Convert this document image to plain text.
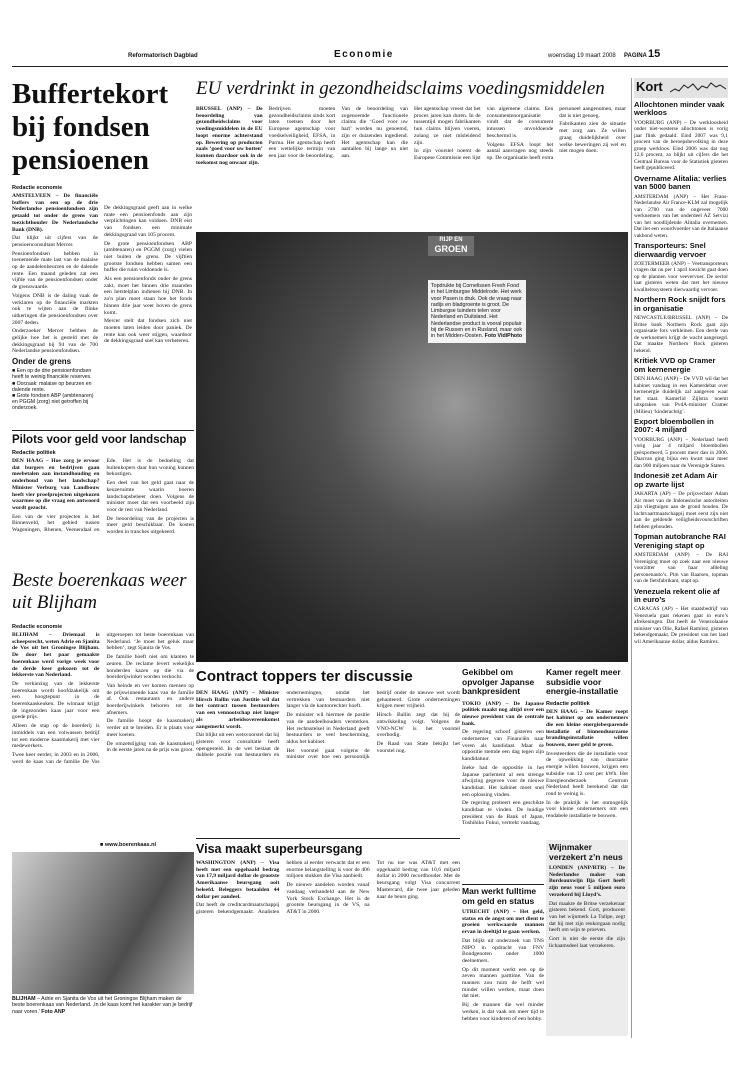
Reformatorisch Dagblad	Economie	woensdag 19 maart 2008 PAGINA 15
Buffertekort bij fondsen pensioenen
Redactie economie

AMSTELVEEN – De financiële buffers van een op de drie Nederlandse pensioenfondsen zijn getaald tot onder de grens van toezichthouder De Nederlandsche Bank (DNB).

Dat blijkt uit cijfers van de pensioenconsultant Mercer.

Pensioenfondsen hebben in toenemende mate last van de malaise op de aandelenbeurzen en de dalende rente. Een maand geleden zat een vijfde van de pensioenfondsen onder de grenswaarde.

Volgens DNB is de daling vaak de verklaren op de financiële markten ook te wijten aan de flinke uitkeringen die pensioenfondsen over 2007 deden.

Onderzoeker Mercer hebben de gelijke hoe het is gesteld met de dekkingsgraad bij 94 van de 700 Nederlandse pensioenfondsen.

Onder de grens
■ Een op de drie pensioenfondsen heeft te weinig financiële reserves.
■ Oorzaak: malaise op beurzen en dalende rente.
■ Grote fondsen ABP (ambtenaren) en PGGM (zorg) niet getroffen bij onderzoek.

De dekkingsgraad geeft aan in welke mate een pensioenfonds aan zijn verplichtingen kan voldoen. DNB eist van fondsen een minimale dekkingsgraad van 105 procent.

De grote pensioenfondsen ABP (ambtenaren) en PGGM (zorg) vielen niet buiten de grens. De vijftien grootste fondsen hebben samen een buffer die ruim voldoende is.

Als een pensioenfonds onder de grens zakt, moet het binnen drie maanden een herstelplan indienen bij DNB. In zo'n plan moet staan hoe het fonds binnen drie jaar weer boven de grens komt.

Mercer stelt dat fondsen zich niet moeten laten leiden door paniek. De rente kan ook weer stijgen, waardoor de dekkingsgraad snel kan verbeteren.

EU verdrinkt in gezondheidsclaims voedingsmiddelen

BRUSSEL (ANP) – De beoordeling van gezondheidsclaims voor voedingsmiddelen in de EU loopt enorme achterstand op. Bewering op producten zoals ‘goed voor uw botten’ kunnen daardoor ook in de toekomst nog onwaar zijn.

Bedrijven moeten gezondheidsclaims sinds kort laten toetsen door het Europese agentschap voor voedselveiligheid, EFSA, in Parma. Het agentschap heeft een wettelijke termijn van een jaar voor de beoordeling.

Van de beoordeling van zogenoemde functionele claims die ‘Goed voor uw hart’ worden nu genoemd, zijn er duizenden ingediend. Het agentschap kan die aantallen bij lange na niet aan.

Het agentschap vreest dat het proces jaren kan duren. In de tussentijd mogen fabrikanten hun claims blijven voeren, zolang ze niet misleidend zijn.

In zijn voorstel noemt de Europese Commissie een lijst van algemene claims. Een consumentenorganisatie vindt dat de consument intussen onvoldoende beschermd is.

Volgens EFSA loopt het aantal aanvragen nog steeds op. De organisatie heeft extra personeel aangenomen, maar dat is niet genoeg.

Fabrikanten zien de situatie met zorg aan. Ze willen graag duidelijkheid over welke beweringen zij wel en niet mogen doen.

RIJP EN
GROEN
Topdrukte bij Cornelissen Fresh Food in het Limburgse Middelrode. Het werk voor Pasen is druk. Ook de vraag naar radijs en bladgroente is groot. De Limburgse tuinders telen voor Nederland en Duitsland. Het Nederlandse product is vooral populair bij de Russen en in Rusland, maar ook in het Midden-Oosten. Foto VidiPhoto
Pilots voor geld voor landschap
Redactie politiek

DEN HAAG – Hoe zorg je ervoor dat burgers en bedrijven gaan meebetalen aan instandhouding en onderhoud van het landschap? Minister Verburg van Landbouw heeft vier proefprojecten uitgekozen waarmee op die vraag een antwoord wordt gezocht.

Een van de vier projecten is het Binnenveld, het gebied tussen Wageningen, Rhenen, Veenendaal en Ede. Het is de bedoeling dat buitenkopers daar hun woning kunnen bekostigen.

Een deel van het geld gaat naar de keuzeruimte waarin boeren landschapsbeheer doen. Volgens de minister moet dat een voorbeeld zijn voor de rest van Nederland.

De beoordeling van de projecten is meer geld beschikbaar. De kosten worden in tranches uitgekeerd.

Beste boerenkaas weer uit Blijham
Redactie economie

BLIJHAM – Driemaal is scheepsrecht, weten Adrie en Sjanita de Vos uit het Groningse Blijham. De door het paar gemaakte boerenkaas werd vorige week voor de derde keer gekozen tot de lekkerste van Nederland.

De verkiezing van de lekkerste boerenkaas wordt hoofdzakelijk om een hoogtepunt in de boerenkaaskeuken. De winnaar krijgt de ingezonden kaas jaar voor een goede prijs.

Alleen de stap op de boerderij is inmiddels van een volwassen bedrijf tot een moderne kaasmakerij met vier medewerkers.

Twee keer eerder, in 2003 en in 2006, werd de kaas van de familie De Vos uitgeroepen tot beste boerenkaas van Nederland. ‘Je moet het geluk maar hebben’, zegt Sjanita de Vos.

De familie hoeft niet om klanten te zeuren. De reclame levert wekelijks honderden kazen op die via de boerderijwinkel worden verkocht.

Van heinde en ver komen mensen op de prijswinnende kaas van de familie af. Ook restaurants en andere boerderijwinkels behoren tot de afnemers.

De familie hoopt de kaasmakerij verder uit te breiden. Er is plaats voor meer koeien.

De omzetstijging van de kaasmakerij in de eerste jaren na de prijs was groot.

■ www.boerenkaas.nl
BLIJHAM – Adrie en Sjanita de Vos uit het Groningse Blijham maken de beste boerenkaas van Nederland. ‚In de kaas komt het karakter van je bedrijf naar voren.’ Foto ANP
Contract toppers ter discussie

DEN HAAG (ANP) – Minister Hirsch Ballin van Justitie wil dat het contract tussen bestuurders van een vennootschap niet langer als arbeidsovereenkomst aangemerkt wordt.

Dat blijkt uit een wetsvoorstel dat hij gisteren voor consultatie heeft opengesteld. In de wet bestaat de dubbele positie van bestuurders en ondernemingen, omdat het vertrekken van bestuurders niet langer via de kantonrechter hoeft.

De minister wil hiermee de positie van de aandeelhouders versterken. Het rechtsstelsel in Nederland geeft bestuurders te veel bescherming, aldus het kabinet.

Het voorstel gaat volgens de minister over hoe een persoonlijk bedrijf onder de nieuwe wet wordt gehanteerd. Grote ondernemingen krijgen meer vrijheid.

Hirsch Ballin zegt dat hij de ontwikkeling volgt. Volgens de VNO-NCW is het voorstel overbodig.

De Raad van State bekijkt het voorstel nog.

Visa maakt superbeursgang

WASHINGTON (ANP) – Visa heeft met een opgehaald bedrag van 17,9 miljard dollar de grootste Amerikaanse beursgang ooit beleefd. Beleggers betaalden 44 dollar per aandeel.

Dat heeft de creditcardmaatschappij gisteren bekendgemaakt. Analisten hebben al eerder verwacht dat er een enorme belangstelling is voor de 406 miljoen stukken die Visa aanbiedt.

De nieuwe aandelen worden vanaf vandaag verhandeld aan de New York Stock Exchange. Het is de grootste beursgang in de VS, na AT&T in 2000.

Tot nu toe was AT&T met een opgehaald bedrag van 10,6 miljard dollar in 2000 recordhouder. Met de beursgang volgt Visa concurrent Mastercard, die twee jaar geleden naar de beurs ging.

Gekibbel om opvolger Japanse bankpresident

TOKIO (ANP) – De Japanse politiek maakt nog altijd over een nieuwe president van de centrale bank.

De regering schoof gisteren een ondernemer van Financiën naar voren als kandidaat. Maar de oppositie stemde een dag tegen zijn kandidatuur.

Ineke had de oppositie in het Japanse parlement al een strenge afwijzing gegeven voor de nieuwe kandidaat. Het kabinet moet snel een oplossing vinden.

De regering probeert een geschikte kandidaat te vinden. De huidige president van de Bank of Japan, Toshihiko Fukui, vertrekt vandaag.

Kamer regelt meer subsidie voor energie-installatie
Redactie politiek

DEN HAAG – De Kamer roept het kabinet op om ondernemers die een kleine energiebesparende installatie of binnenduurzame brandingsinstallatie willen bouwen, meer geld te geven.

Investeerders die de installatie voor de opwekking van duurzame energie willen bouwen, krijgen een subsidie van 12 cent per kWh. Het Energieonderzoek Centrum Nederland heeft berekend dat dat rond te weinig is.

In de praktijk is het onmogelijk voor kleine ondernemers om een rendabele installatie te bouwen.

Man werkt fulltime om geld en status

UTRECHT (ANP) – Het geld, status en de angst om met dient te groeien werkwaarde mannen ervan in deeltijd te gaan werken.

Dat blijkt uit onderzoek van TNS NIPO in opdracht van FNV Bondgenoten onder 1000 deelnemers.

Op dit moment werkt een op de zeven mannen parttime. Van de mannen zou ruim de helft wel minder willen werken, maar doen dat niet.

Bij de mannen die wel minder werken, is dat vaak om meer tijd te hebben voor kinderen of een hobby.

Wijnmaker verzekert z’n neus

LONDEN (ANP/RTR) – De Nederlandse maker van Bordeauxwijn Ilja Gort heeft zijn neus voor 5 miljoen euro verzekerd bij Lloyd’s.

Dat maakte de Britse verzekeraar gisteren bekend. Gort, producent van het wijnmerk La Tulipe, zegt dat hij met zijn reukorgaan nodig heeft om wijn te proeven.

Gort is niet de eerste die zijn lichaamsdeel laat verzekeren.

Kort
Allochtonen minder vaak werkloos

VOORBURG (ANP) – De werkloosheid onder niet-westerse allochtonen is vorig jaar flink gedaald. Eind 2007 was 9,1 procent van de beroepsbevolking in deze groep werkloos. Eind 2006 was dat nog 12,6 procent, zo blijkt uit cijfers die het Centraal Bureau voor de Statistiek gisteren heeft gepubliceerd.

Overname Alitalia: verlies van 5000 banen

AMSTERDAM (ANP) – Het Frans-Nederlandse Air France-KLM zal mogelijk van 2700 van de ongeveer 7000 werknemers van het onderdeel AZ Servizi van het noodlijdende Alitalia overnemen. Dat liet een woordvoerder van de Italiaanse vakbond weten.

Transporteurs: Snel dierwaardig vervoer

ZOETERMEER (ANP) – Veetransporteurs vragen dat nu per 1 april toezicht gaat doen op de plannen voor veevervoer. De sector laat gisteren weten dat met het nieuwe kwaliteitssysteem dierwaardig vervoer.

Northern Rock snijdt fors in organisatie

NEWCASTLE/BRUSSEL (ANP) – De Britse bank Northern Rock gaat zijn organisatie fors verkleinen. Een derde van de werknemers krijgt de wacht aangezegd. Dat maakte Northern Rock gisteren bekend.

Kritiek VVD op Cramer om kernenergie

DEN HAAG (ANP) – De VVD wil dat het kabinet vandaag in een Kamerdebat over kernenergie duidelijk zal aangeven waar het staat. Kamerlid Zijlstra noemt uitspraken van PvdA-minister Cramer (Milieu) ‘kinderachtig’.

Export bloembollen in 2007: 4 miljard

VOORBURG (ANP) – Nederland heeft vorig jaar 4 miljard bloembollen geëxporteerd, 5 procent meer dan in 2006. Daarvan ging bijna een kwart naar meer dan 900 miljoen naar de Verenigde Staten.

Indonesië zet Adam Air op zwarte lijst

JAKARTA (AP) – De prijsvechter Adam Air moet van de Indonesische autoriteiten zijn vliegtuigen aan de grond houden. De luchtvaartmaatschappij moet eerst zijn niet aan de geldende veiligheidsvoorschriften hebben gehouden.

Topman autobranche RAI Vereniging stapt op

AMSTERDAM (ANP) – De RAI Vereniging moet op zoek naar een nieuwe voorzitter van haar afdeling personenauto’s. Pim van Baarsen, topman van de fietsfabrikant, stapt op.

Venezuela rekent olie af in euro’s

CARACAS (AP) – Het staatsbedrijf van Venezuela gaat rekenen gaat in euro’s afrekeningen. Dat heeft de Venezolaanse minister van Olie, Rafael Ramírez, gisteren bekendgemaakt. De president van het land wil Amerikaanse dollar, aldus Ramírez.
